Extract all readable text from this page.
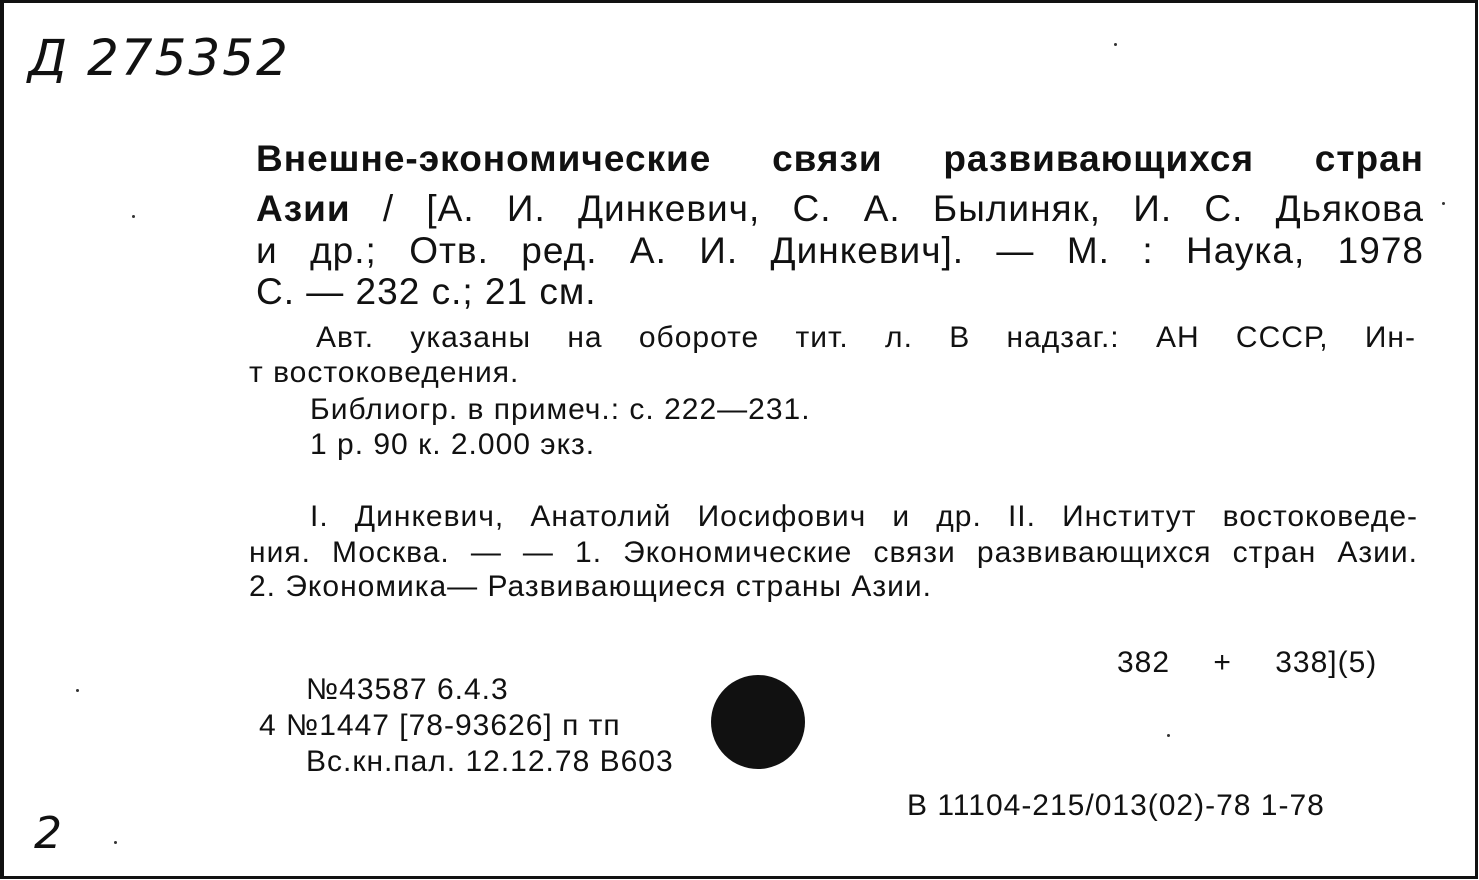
Д 275352
Внешне-экономические связи развивающихся стран
Азии / [А. И. Динкевич, С. А. Былиняк, И. С. Дьякова
и др.; Отв. ред. А. И. Динкевич]. — М. : Наука, 1978
С. — 232 с.; 21 см.
Авт. указаны на обороте тит. л. В надзаг.: АН СССР, Ин-
т востоковедения.
Библиогр. в примеч.: с. 222—231.
1 р. 90 к. 2.000 экз.
I. Динкевич, Анатолий Иосифович и др. II. Институт востоковеде-
ния. Москва. — — 1. Экономические связи развивающихся стран Азии.
2. Экономика— Развивающиеся страны Азии.
382 + 338](5)
№43587 6.4.3
4 №1447 [78-93626] п тп
Вс.кн.пал. 12.12.78 В603
В 11104-215/013(02)-78 1-78
2
